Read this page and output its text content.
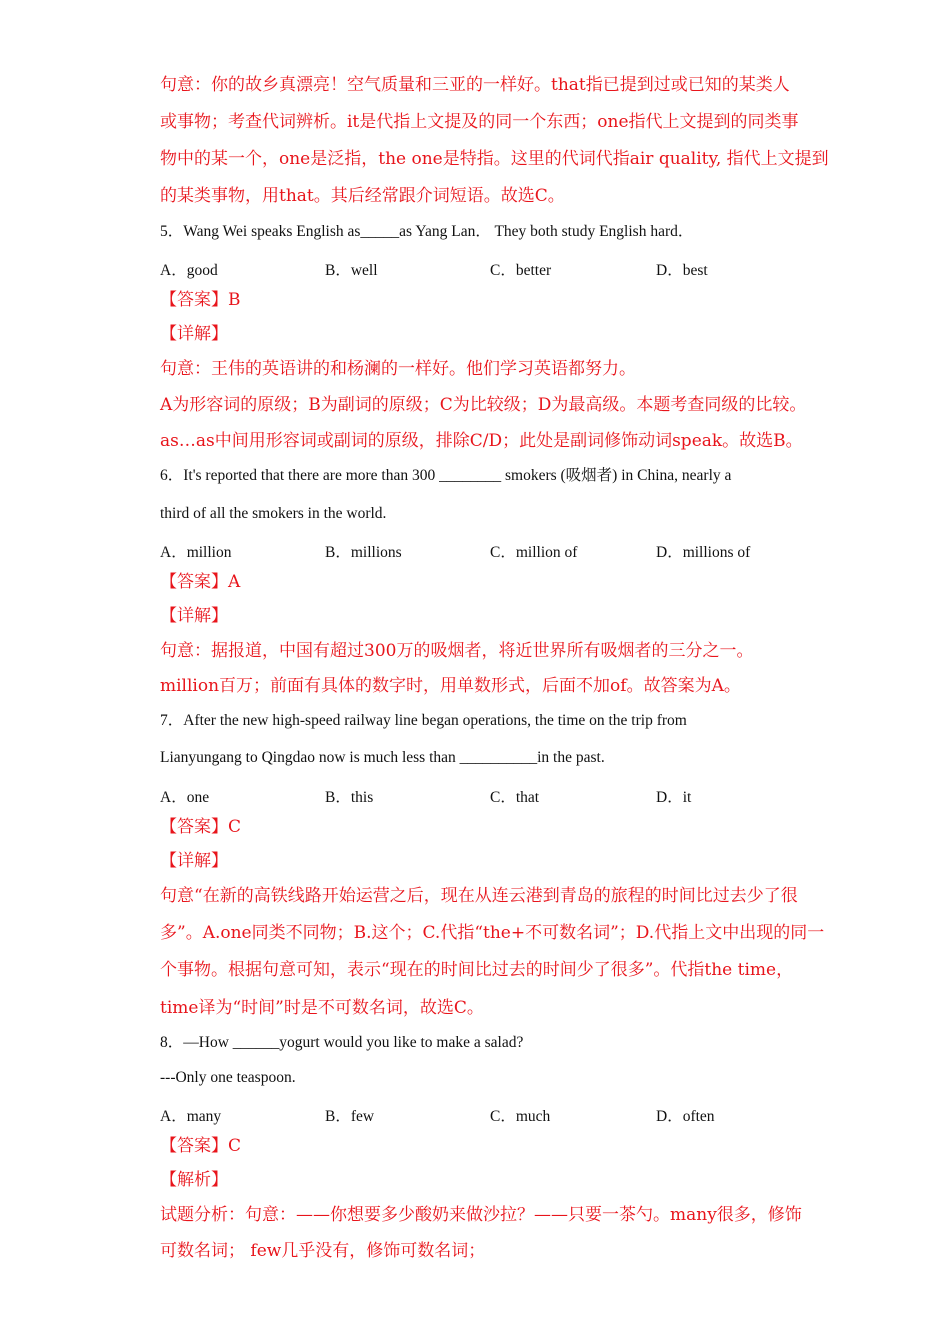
句意：你的故乡真漂亮！空气质量和三亚的一样好。that指已提到过或已知的某类人
或事物；考查代词辨析。it是代指上文提及的同一个东西；one指代上文提到的同类事
物中的某一个，one是泛指，the one是特指。这里的代词代指air quality, 指代上文提到
的某类事物，用that。其后经常跟介词短语。故选C。
5．Wang Wei speaks English as_____as Yang Lan． They both study English hard．
A．good	B．well	C．better	D．best
【答案】B
【详解】
句意：王伟的英语讲的和杨澜的一样好。他们学习英语都努力。
A为形容词的原级；B为副词的原级；C为比较级；D为最高级。本题考查同级的比较。
as…as中间用形容词或副词的原级，排除C/D；此处是副词修饰动词speak。故选B。
6．It's reported that there are more than 300 ________ smokers (吸烟者) in China, nearly a
third of all the smokers in the world.
A．million	B．millions	C．million of	D．millions of
【答案】A
【详解】
句意：据报道，中国有超过300万的吸烟者，将近世界所有吸烟者的三分之一。
million百万；前面有具体的数字时，用单数形式，后面不加of。故答案为A。
7．After the new high-speed railway line began operations, the time on the trip from
Lianyungang to Qingdao now is much less than __________in the past.
A．one	B．this	C．that	D．it
【答案】C
【详解】
句意“在新的高铁线路开始运营之后，现在从连云港到青岛的旅程的时间比过去少了很
多”。A.one同类不同物；B.这个；C.代指“the+不可数名词”；D.代指上文中出现的同一
个事物。根据句意可知，表示“现在的时间比过去的时间少了很多”。代指the time，
time译为“时间”时是不可数名词，故选C。
8．—How ______yogurt would you like to make a salad?
---Only one teaspoon.
A．many	B．few	C．much	D．often
【答案】C
【解析】
试题分析：句意：——你想要多少酸奶来做沙拉？——只要一茶勺。many很多，修饰
可数名词； few几乎没有，修饰可数名词；
